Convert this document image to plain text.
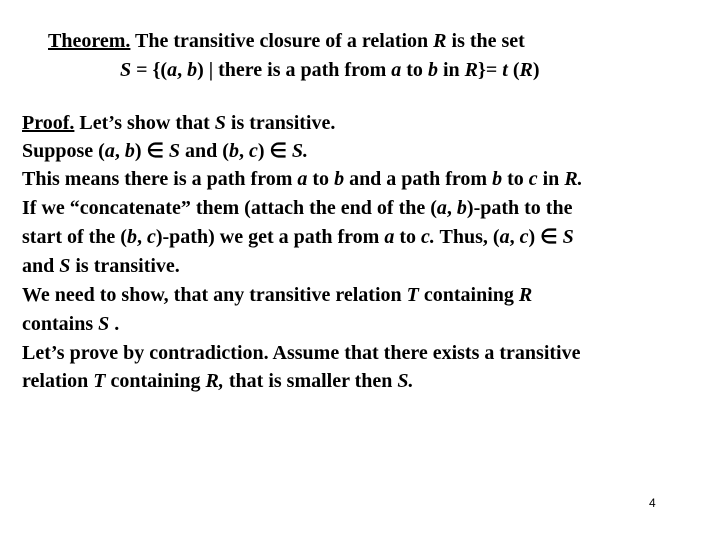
Theorem. The transitive closure of a relation R is the set
S = {(a, b) | there is a path from a to b in R}= t (R)
Proof. Let’s show that S is transitive.
Suppose (a, b) ∈ S and (b, c) ∈ S.
This means there is a path from a to b and a path from b to c in R.
If we “concatenate” them (attach the end of the (a, b)-path to the
start of the (b, c)-path) we get a path from a to c. Thus, (a, c) ∈ S
and S is transitive.
We need to show, that any transitive relation T containing R
contains S .
Let’s prove by contradiction. Assume that there exists a transitive
relation T containing R, that is smaller then S.
4
